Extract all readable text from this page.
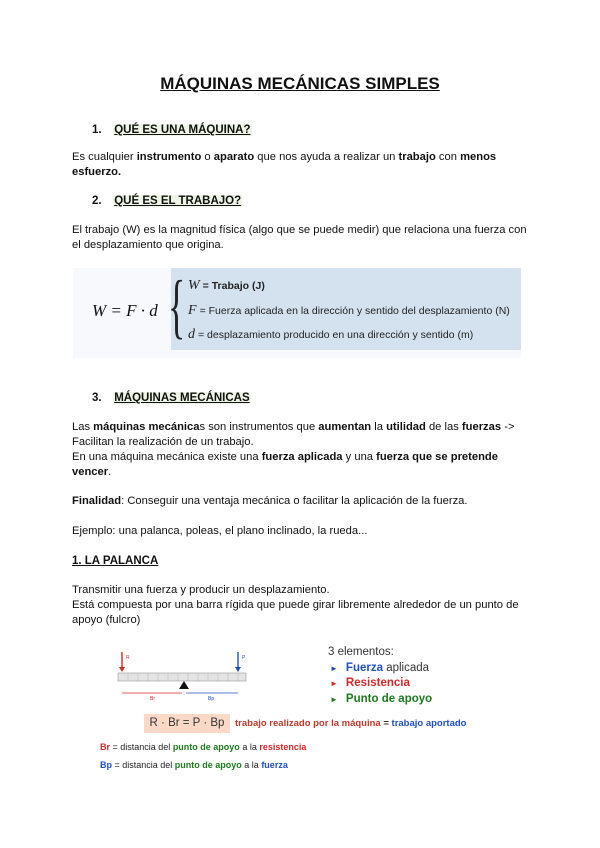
MÁQUINAS MECÁNICAS SIMPLES
1. QUÉ ES UNA MÁQUINA?
Es cualquier instrumento o aparato que nos ayuda a realizar un trabajo con menos esfuerzo.
2. QUÉ ES EL TRABAJO?
El trabajo (W) es la magnitud física (algo que se puede medir) que relaciona una fuerza con el desplazamiento que origina.
W = F · d { W = Trabajo (J)
F = Fuerza aplicada en la dirección y sentido del desplazamiento (N)
d = desplazamiento producido en una dirección y sentido (m)
3. MÁQUINAS MECÁNICAS
Las máquinas mecánicas son instrumentos que aumentan la utilidad de las fuerzas ->
Facilitan la realización de un trabajo.
En una máquina mecánica existe una fuerza aplicada y una fuerza que se pretende vencer.
Finalidad: Conseguir una ventaja mecánica o facilitar la aplicación de la fuerza.
Ejemplo: una palanca, poleas, el plano inclinado, la rueda...
1. LA PALANCA
Transmitir una fuerza y producir un desplazamiento.
Está compuesta por una barra rígida que puede girar libremente alrededor de un punto de apoyo (fulcro)
R	P
Br	Bp
3 elementos:
► Fuerza aplicada
► Resistencia
► Punto de apoyo
R · Br = P · Bp	trabajo realizado por la máquina = trabajo aportado
Br = distancia del punto de apoyo a la resistencia
Bp = distancia del punto de apoyo a la fuerza
